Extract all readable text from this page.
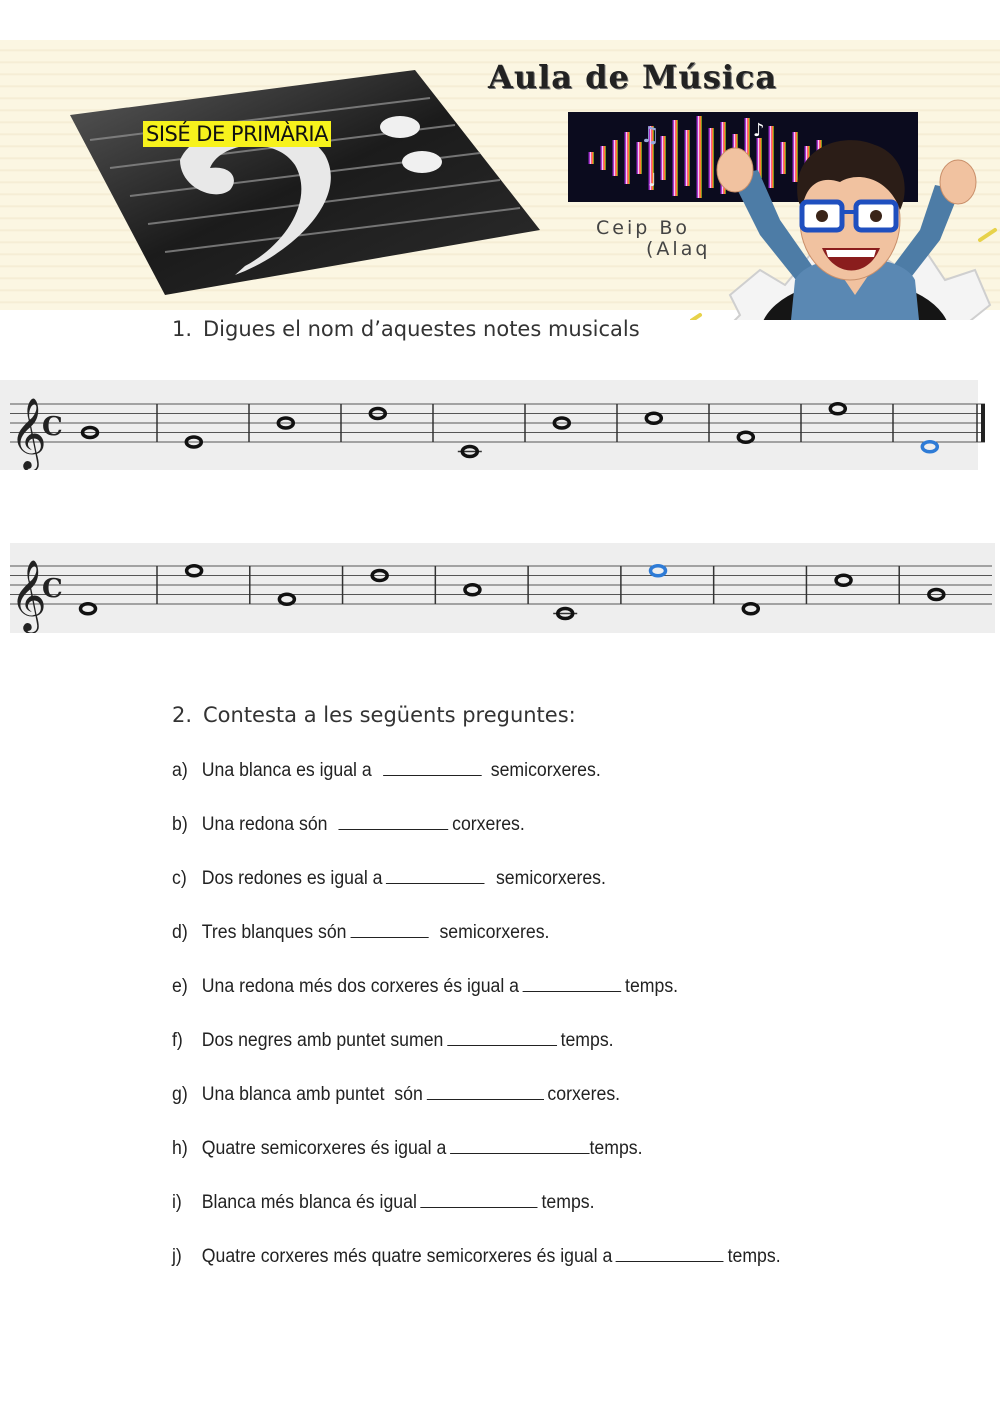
SISÉ DE PRIMÀRIA
Aula de Música
♫	♪
♩
Ceip Bo
(Alaq
1. Digues el nom d’aquestes notes musicals
𝄞
C
𝄞
C
2. Contesta a les següents preguntes:
a) Una blanca es igual a	semicorxeres.
b) Una redona són	corxeres.
c) Dos redones es igual a	semicorxeres.
d) Tres blanques són	semicorxeres.
e) Una redona més dos corxeres és igual a	temps.
f) Dos negres amb puntet sumen	temps.
g) Una blanca amb puntet  són	corxeres.
h) Quatre semicorxeres és igual a	temps.
i) Blanca més blanca és igual	temps.
j) Quatre corxeres més quatre semicorxeres és igual a	temps.
